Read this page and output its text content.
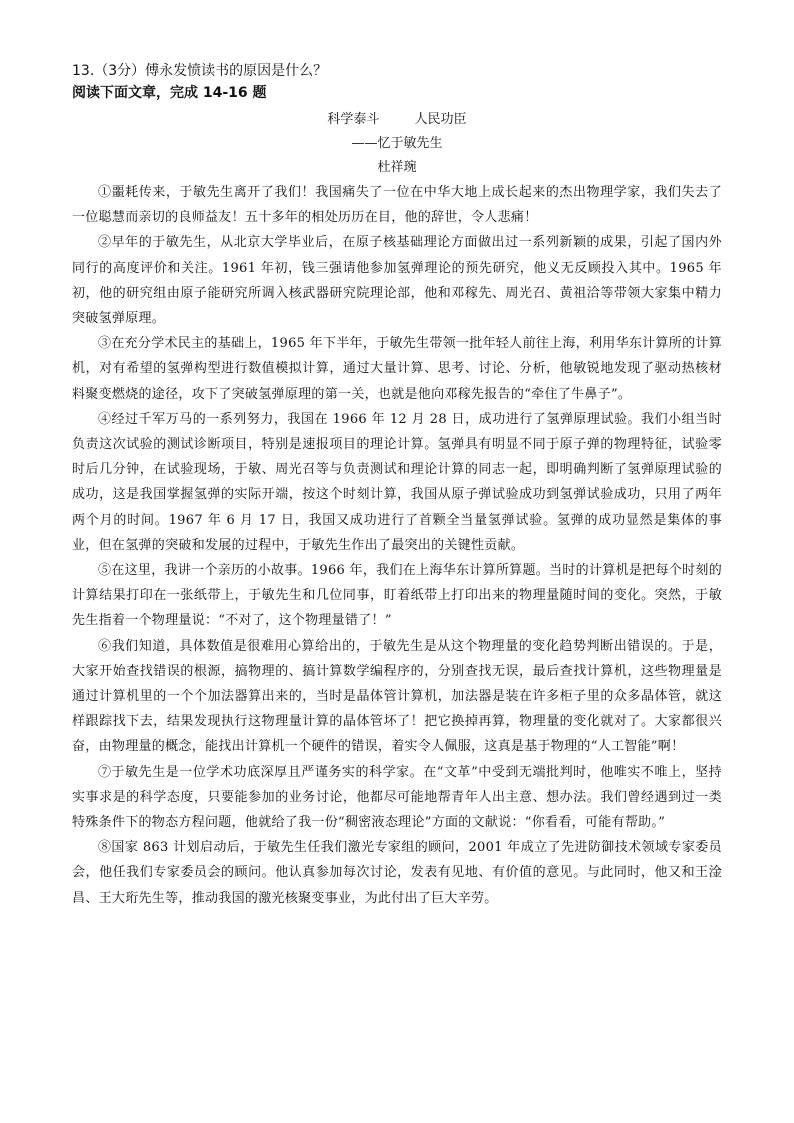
13.（3分）傅永发愤读书的原因是什么？

阅读下面文章，完成 14-16 题

科学泰斗　 人民功臣

——忆于敏先生

杜祥琬

①噩耗传来，于敏先生离开了我们！我国痛失了一位在中华大地上成长起来的杰出物理学家，我们失去了一位聪慧而亲切的良师益友！五十多年的相处历历在目，他的辞世，令人悲痛！

②早年的于敏先生，从北京大学毕业后，在原子核基础理论方面做出过一系列新颖的成果，引起了国内外同行的高度评价和关注。1961 年初，钱三强请他参加氢弹理论的预先研究，他义无反顾投入其中。1965 年初，他的研究组由原子能研究所调入核武器研究院理论部，他和邓稼先、周光召、黄祖洽等带领大家集中精力突破氢弹原理。

③在充分学术民主的基础上，1965 年下半年，于敏先生带领一批年轻人前往上海，利用华东计算所的计算机，对有希望的氢弹构型进行数值模拟计算，通过大量计算、思考、讨论、分析，他敏锐地发现了驱动热核材料聚变燃烧的途径，攻下了突破氢弹原理的第一关，也就是他向邓稼先报告的“牵住了牛鼻子”。

④经过千军万马的一系列努力，我国在 1966 年 12 月 28 日，成功进行了氢弹原理试验。我们小组当时负责这次试验的测试诊断项目，特别是速报项目的理论计算。氢弹具有明显不同于原子弹的物理特征，试验零时后几分钟，在试验现场，于敏、周光召等与负责测试和理论计算的同志一起，即明确判断了氢弹原理试验的成功，这是我国掌握氢弹的实际开端，按这个时刻计算，我国从原子弹试验成功到氢弹试验成功，只用了两年两个月的时间。1967 年 6 月 17 日，我国又成功进行了首颗全当量氢弹试验。氢弹的成功显然是集体的事业，但在氢弹的突破和发展的过程中，于敏先生作出了最突出的关键性贡献。

⑤在这里，我讲一个亲历的小故事。1966 年，我们在上海华东计算所算题。当时的计算机是把每个时刻的计算结果打印在一张纸带上，于敏先生和几位同事，盯着纸带上打印出来的物理量随时间的变化。突然，于敏先生指着一个物理量说：“不对了，这个物理量错了！”

⑥我们知道，具体数值是很难用心算给出的，于敏先生是从这个物理量的变化趋势判断出错误的。于是，大家开始查找错误的根源，搞物理的、搞计算数学编程序的，分别查找无误，最后查找计算机，这些物理量是通过计算机里的一个个加法器算出来的，当时是晶体管计算机，加法器是装在许多柜子里的众多晶体管，就这样跟踪找下去，结果发现执行这物理量计算的晶体管坏了！把它换掉再算，物理量的变化就对了。大家都很兴奋，由物理量的概念，能找出计算机一个硬件的错误，着实令人佩服，这真是基于物理的“人工智能”啊！

⑦于敏先生是一位学术功底深厚且严谨务实的科学家。在“文革”中受到无端批判时，他唯实不唯上，坚持实事求是的科学态度，只要能参加的业务讨论，他都尽可能地帮青年人出主意、想办法。我们曾经遇到过一类特殊条件下的物态方程问题，他就给了我一份“稠密液态理论”方面的文献说：“你看看，可能有帮助。”

⑧国家 863 计划启动后，于敏先生任我们激光专家组的顾问，2001 年成立了先进防御技术领域专家委员会，他任我们专家委员会的顾问。他认真参加每次讨论，发表有见地、有价值的意见。与此同时，他又和王淦昌、王大珩先生等，推动我国的激光核聚变事业，为此付出了巨大辛劳。
